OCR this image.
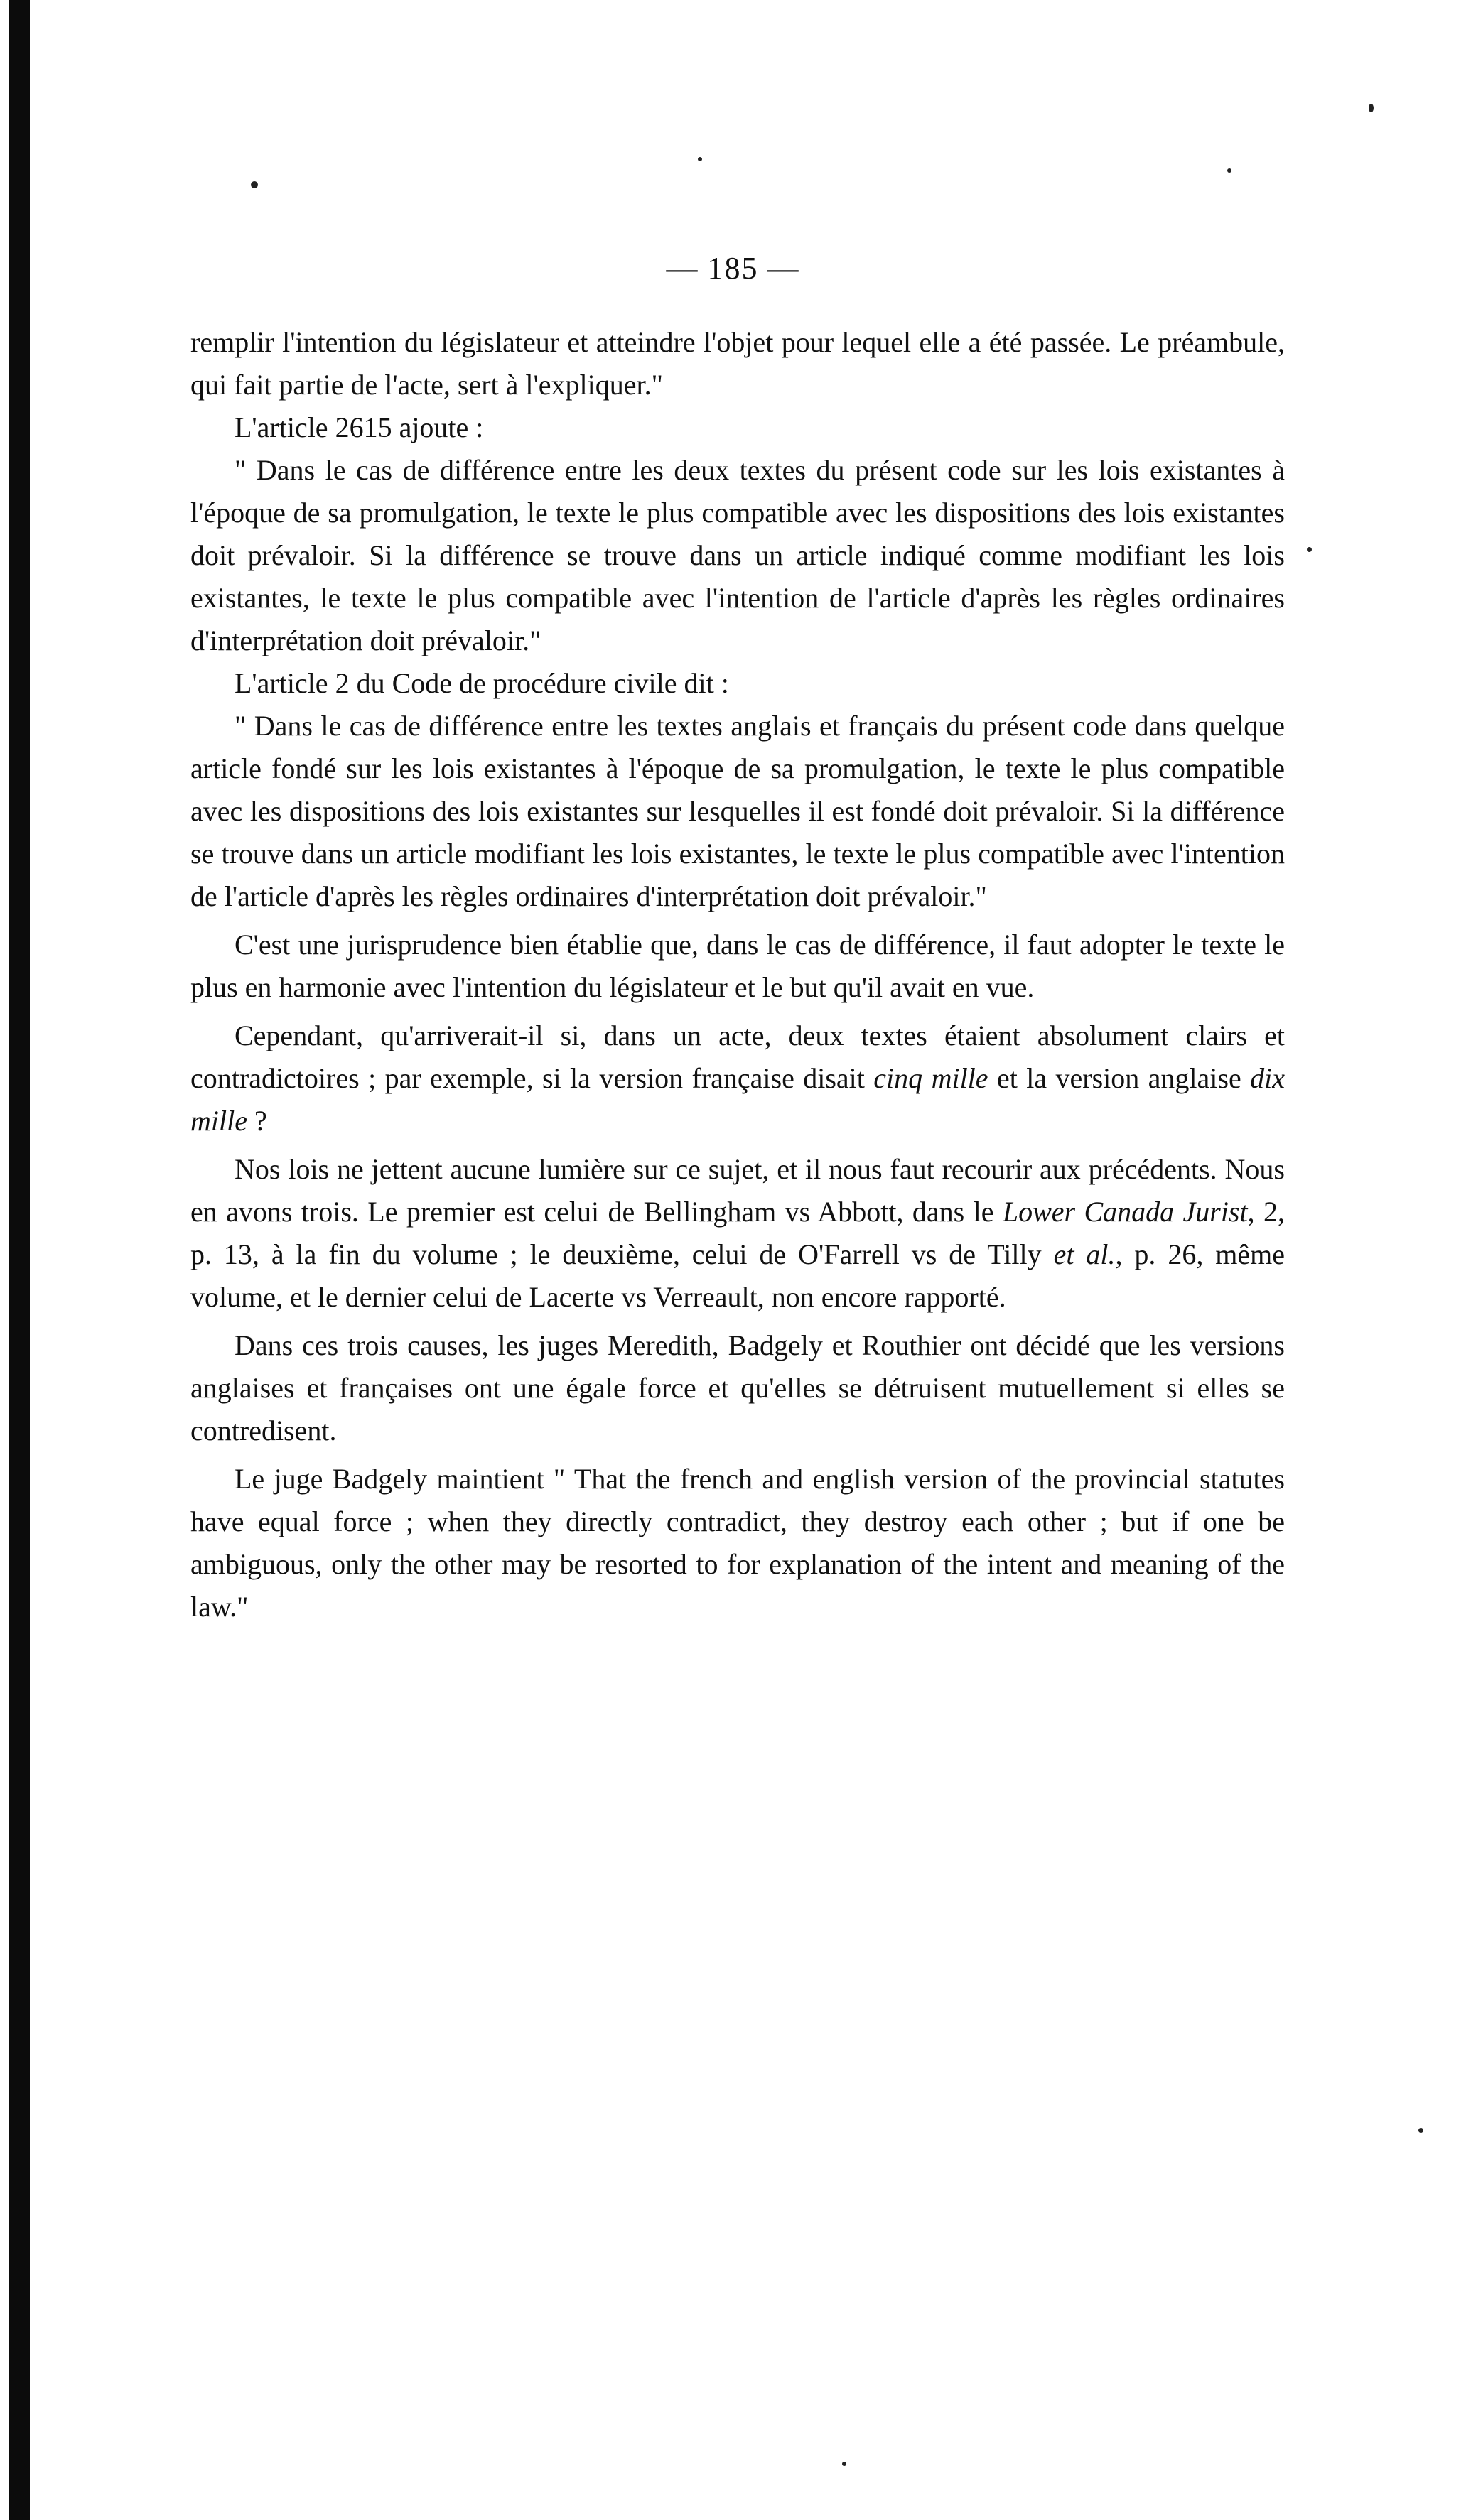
— 185 —

remplir l'intention du législateur et atteindre l'objet pour lequel elle a été passée. Le préambule, qui fait partie de l'acte, sert à l'expliquer."

L'article 2615 ajoute :

" Dans le cas de différence entre les deux textes du présent code sur les lois existantes à l'époque de sa promulgation, le texte le plus compatible avec les dispositions des lois existantes doit prévaloir. Si la différence se trouve dans un article indiqué comme modifiant les lois existantes, le texte le plus compatible avec l'intention de l'article d'après les règles ordinaires d'interprétation doit prévaloir."

L'article 2 du Code de procédure civile dit :

" Dans le cas de différence entre les textes anglais et français du présent code dans quelque article fondé sur les lois existantes à l'époque de sa promulgation, le texte le plus compatible avec les dispositions des lois existantes sur lesquelles il est fondé doit prévaloir. Si la différence se trouve dans un article modifiant les lois existantes, le texte le plus compatible avec l'intention de l'article d'après les règles ordinaires d'interprétation doit prévaloir."

C'est une jurisprudence bien établie que, dans le cas de différence, il faut adopter le texte le plus en harmonie avec l'intention du législateur et le but qu'il avait en vue.

Cependant, qu'arriverait-il si, dans un acte, deux textes étaient absolument clairs et contradictoires ; par exemple, si la version française disait cinq mille et la version anglaise dix mille ?

Nos lois ne jettent aucune lumière sur ce sujet, et il nous faut recourir aux précédents. Nous en avons trois. Le premier est celui de Bellingham vs Abbott, dans le Lower Canada Jurist, 2, p. 13, à la fin du volume ; le deuxième, celui de O'Farrell vs de Tilly et al., p. 26, même volume, et le dernier celui de Lacerte vs Verreault, non encore rapporté.

Dans ces trois causes, les juges Meredith, Badgely et Routhier ont décidé que les versions anglaises et françaises ont une égale force et qu'elles se détruisent mutuellement si elles se contredisent.

Le juge Badgely maintient " That the french and english version of the provincial statutes have equal force ; when they directly contradict, they destroy each other ; but if one be ambiguous, only the other may be resorted to for explanation of the intent and meaning of the law."
